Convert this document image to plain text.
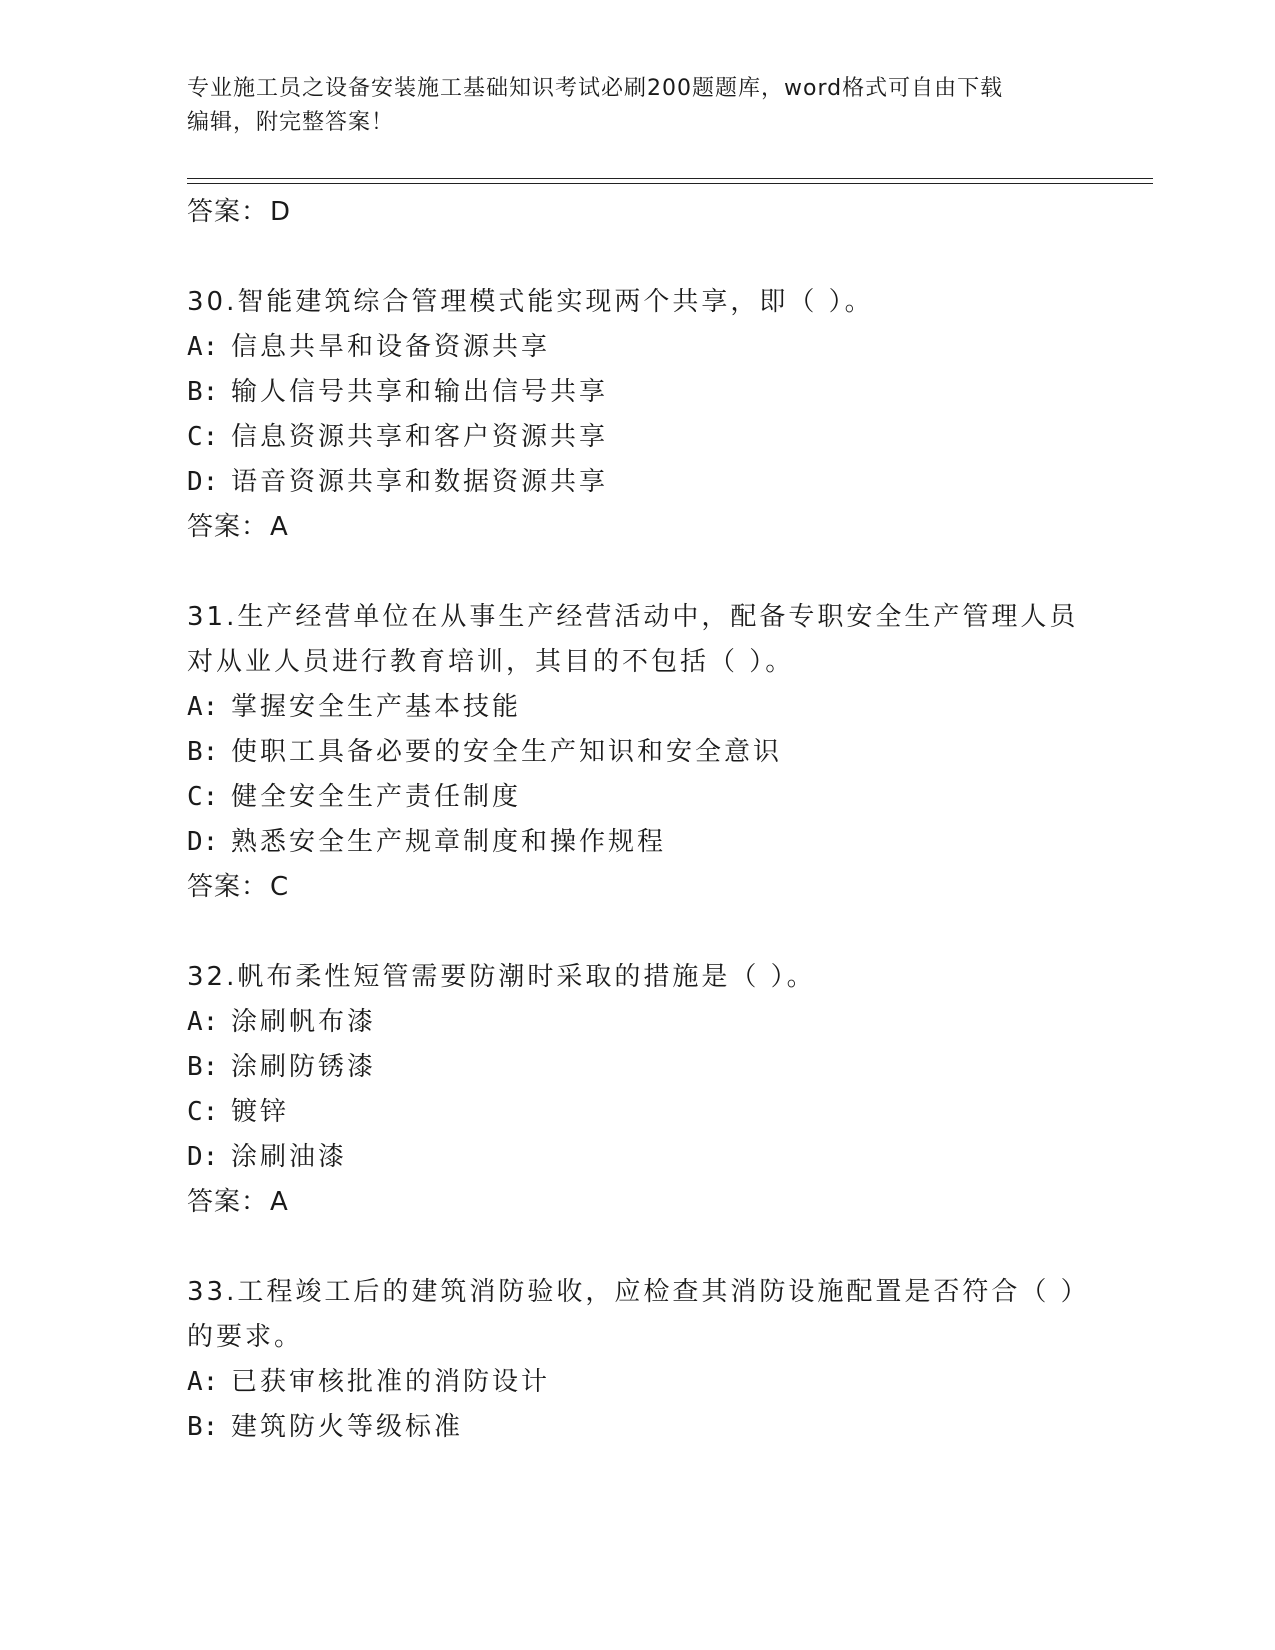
专业施工员之设备安装施工基础知识考试必刷200题题库，word格式可自由下载
编辑，附完整答案！
答案：D
30.智能建筑综合管理模式能实现两个共享，即（ ）。
A: 信息共旱和设备资源共享
B: 输人信号共享和输出信号共享
C: 信息资源共享和客户资源共享
D: 语音资源共享和数据资源共享
答案：A
31.生产经营单位在从事生产经营活动中，配备专职安全生产管理人员对从业人员进行教育培训，其目的不包括（ ）。
A: 掌握安全生产基本技能
B: 使职工具备必要的安全生产知识和安全意识
C: 健全安全生产责任制度
D: 熟悉安全生产规章制度和操作规程
答案：C
32.帆布柔性短管需要防潮时采取的措施是（ ）。
A: 涂刷帆布漆
B: 涂刷防锈漆
C: 镀锌
D: 涂刷油漆
答案：A
33.工程竣工后的建筑消防验收，应检查其消防设施配置是否符合（ ）的要求。
A: 已获审核批准的消防设计
B: 建筑防火等级标准
